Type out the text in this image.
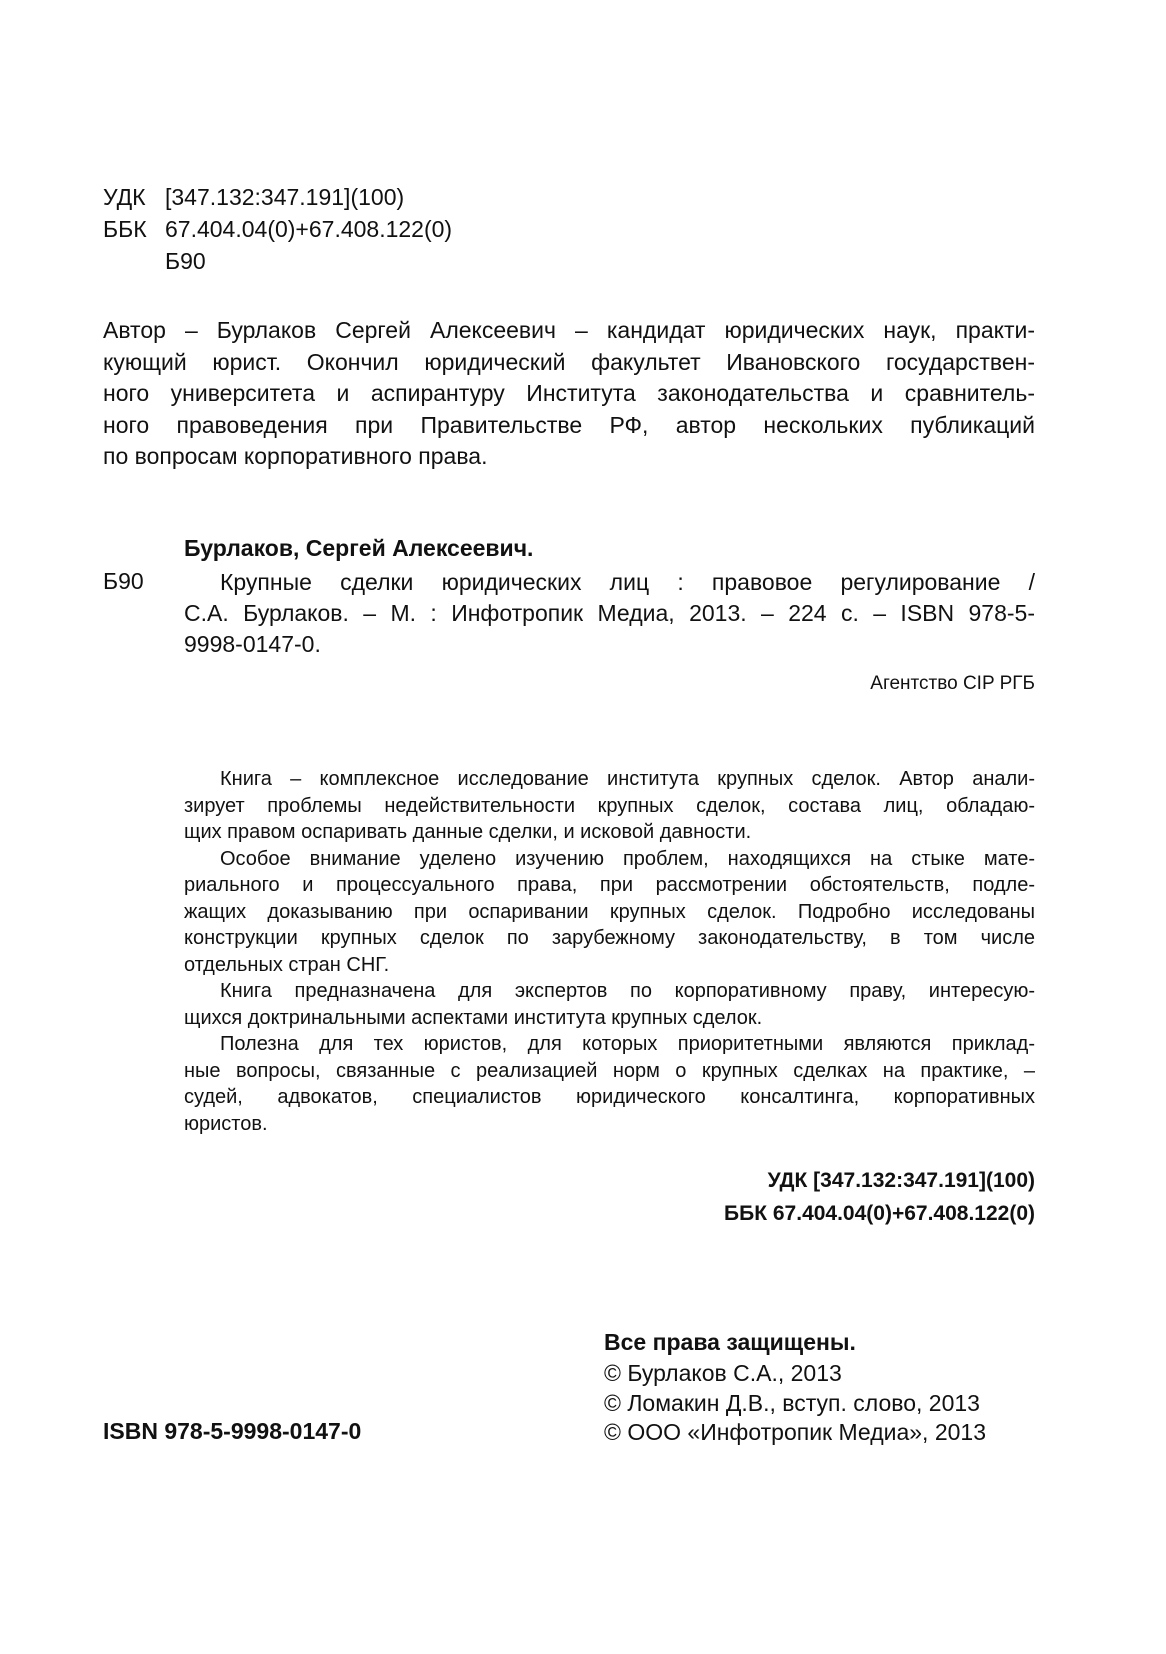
УДК [347.132:347.191](100)
ББК 67.404.04(0)+67.408.122(0)
Б90
Автор – Бурлаков Сергей Алексеевич – кандидат юридических наук, практи-
кующий юрист. Окончил юридический факультет Ивановского государствен-
ного университета и аспирантуру Института законодательства и сравнитель-
ного правоведения при Правительстве РФ, автор нескольких публикаций
по вопросам корпоративного права.
Бурлаков, Сергей Алексеевич.
Б90	Крупные сделки юридических лиц : правовое регулирование /
С.А. Бурлаков. – М. : Инфотропик Медиа, 2013. – 224 с. – ISBN 978-5-
9998-0147-0.
Агентство CIP РГБ
Книга – комплексное исследование института крупных сделок. Автор анали-
зирует проблемы недействительности крупных сделок, состава лиц, обладаю-
щих правом оспаривать данные сделки, и исковой давности.
Особое внимание уделено изучению проблем, находящихся на стыке мате-
риального и процессуального права, при рассмотрении обстоятельств, подле-
жащих доказыванию при оспаривании крупных сделок. Подробно исследованы
конструкции крупных сделок по зарубежному законодательству, в том числе
отдельных стран СНГ.
Книга предназначена для экспертов по корпоративному праву, интересую-
щихся доктринальными аспектами института крупных сделок.
Полезна для тех юристов, для которых приоритетными являются приклад-
ные вопросы, связанные с реализацией норм о крупных сделках на практике, –
судей, адвокатов, специалистов юридического консалтинга, корпоративных
юристов.
УДК [347.132:347.191](100)
ББК 67.404.04(0)+67.408.122(0)
Все права защищены.
© Бурлаков С.А., 2013
© Ломакин Д.В., вступ. слово, 2013
© ООО «Инфотропик Медиа», 2013
ISBN 978-5-9998-0147-0
